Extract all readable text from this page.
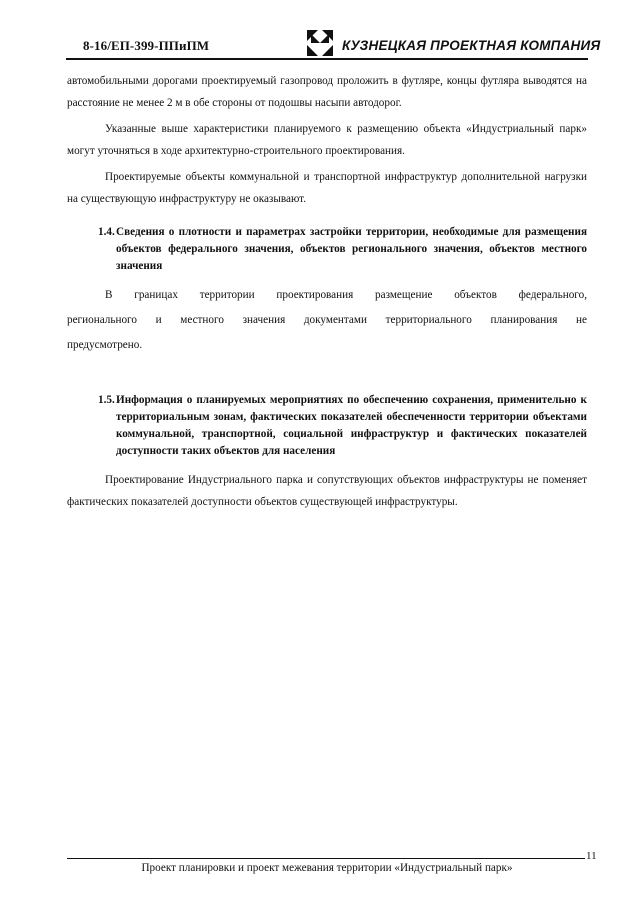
8-16/ЕП-399-ППиПМ	КУЗНЕЦКАЯ ПРОЕКТНАЯ КОМПАНИЯ

автомобильными дорогами проектируемый газопровод проложить в футляре, концы футляра выводятся на расстояние не менее 2 м в обе стороны от подошвы насыпи автодорог.

Указанные выше характеристики планируемого к размещению объекта «Индустриальный парк» могут уточняться в ходе архитектурно-строительного проектирования.

Проектируемые объекты коммунальной и транспортной инфраструктур дополнительной нагрузки на существующую инфраструктуру не оказывают.

1.4. Сведения о плотности и параметрах застройки территории, необходимые для размещения объектов федерального значения, объектов регионального значения, объектов местного значения

В границах территории проектирования размещение объектов федерального, регионального и местного значения документами территориального планирования не предусмотрено.

1.5. Информация о планируемых мероприятиях по обеспечению сохранения, применительно к территориальным зонам, фактических показателей обеспеченности территории объектами коммунальной, транспортной, социальной инфраструктур и фактических показателей доступности таких объектов для населения

Проектирование Индустриального парка и сопутствующих объектов инфраструктуры не поменяет фактических показателей доступности объектов существующей инфраструктуры.

11
Проект планировки и проект межевания территории «Индустриальный парк»
